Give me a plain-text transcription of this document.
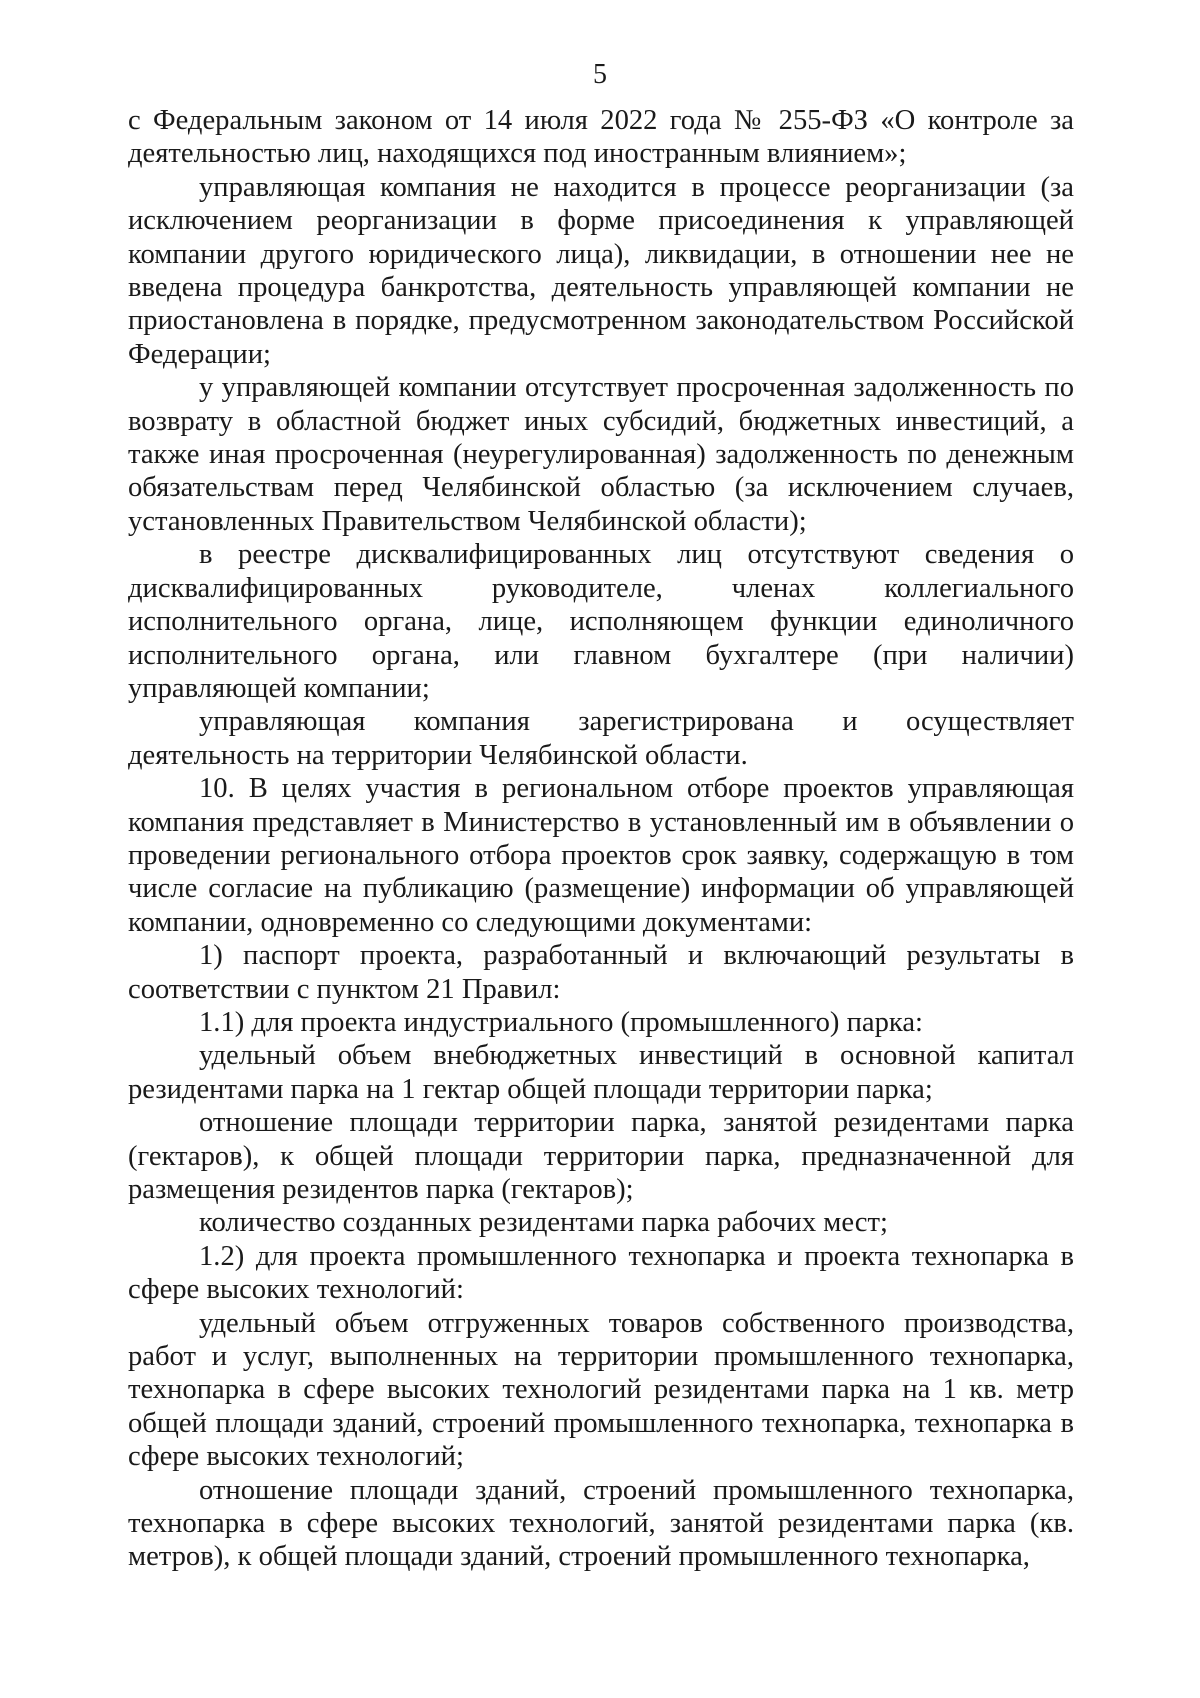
5

с Федеральным законом от 14 июля 2022 года № 255-ФЗ «О контроле за деятельностью лиц, находящихся под иностранным влиянием»;

управляющая компания не находится в процессе реорганизации (за исключением реорганизации в форме присоединения к управляющей компании другого юридического лица), ликвидации, в отношении нее не введена процедура банкротства, деятельность управляющей компании не приостановлена в порядке, предусмотренном законодательством Российской Федерации;

у управляющей компании отсутствует просроченная задолженность по возврату в областной бюджет иных субсидий, бюджетных инвестиций, а также иная просроченная (неурегулированная) задолженность по денежным обязательствам перед Челябинской областью (за исключением случаев, установленных Правительством Челябинской области);

в реестре дисквалифицированных лиц отсутствуют сведения о дисквалифицированных руководителе, членах коллегиального исполнительного органа, лице, исполняющем функции единоличного исполнительного органа, или главном бухгалтере (при наличии) управляющей компании;

управляющая компания зарегистрирована и осуществляет деятельность на территории Челябинской области.

10. В целях участия в региональном отборе проектов управляющая компания представляет в Министерство в установленный им в объявлении о проведении регионального отбора проектов срок заявку, содержащую в том числе согласие на публикацию (размещение) информации об управляющей компании, одновременно со следующими документами:

1) паспорт проекта, разработанный и включающий результаты в соответствии с пунктом 21 Правил:

1.1) для проекта индустриального (промышленного) парка:

удельный объем внебюджетных инвестиций в основной капитал резидентами парка на 1 гектар общей площади территории парка;

отношение площади территории парка, занятой резидентами парка (гектаров), к общей площади территории парка, предназначенной для размещения резидентов парка (гектаров);

количество созданных резидентами парка рабочих мест;

1.2) для проекта промышленного технопарка и проекта технопарка в сфере высоких технологий:

удельный объем отгруженных товаров собственного производства, работ и услуг, выполненных на территории промышленного технопарка, технопарка в сфере высоких технологий резидентами парка на 1 кв. метр общей площади зданий, строений промышленного технопарка, технопарка в сфере высоких технологий;

отношение площади зданий, строений промышленного технопарка, технопарка в сфере высоких технологий, занятой резидентами парка (кв. метров), к общей площади зданий, строений промышленного технопарка,
